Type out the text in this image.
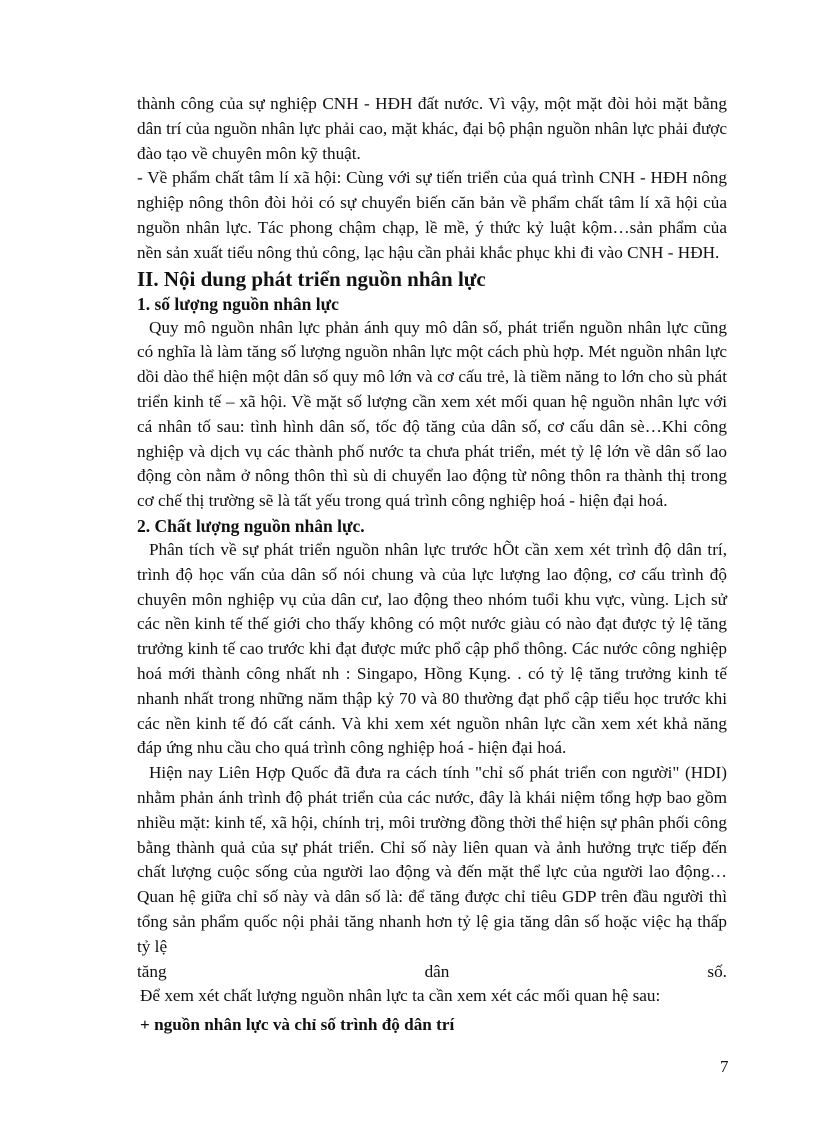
thành công của sự nghiệp CNH - HĐH đất nước. Vì vậy, một mặt đòi hỏi mặt bằng dân trí của nguồn nhân lực phải cao, mặt khác, đại bộ phận nguồn nhân lực phải được đào tạo về chuyên môn kỹ thuật.

- Về phẩm chất tâm lí xã hội: Cùng với sự tiến triển của quá trình CNH - HĐH nông nghiệp nông thôn đòi hỏi có sự chuyển biến căn bản về phẩm chất tâm lí xã hội của nguồn nhân lực. Tác phong chậm chạp, lề mề, ý thức kỷ luật kộm…sản phẩm của nền sản xuất tiểu nông thủ công, lạc hậu cần phải khắc phục khi đi vào CNH - HĐH.

II. Nội dung phát triển nguồn nhân lực
1. số lượng nguồn nhân lực

Quy mô nguồn nhân lực phản ánh quy mô dân số, phát triển nguồn nhân lực cũng có nghĩa là làm tăng số lượng nguồn nhân lực một cách phù hợp. Mét nguồn nhân lực dồi dào thể hiện một dân số quy mô lớn và cơ cấu trẻ, là tiềm năng to lớn cho sù phát triển kinh tế – xã hội. Về mặt số lượng cần xem xét mối quan hệ nguồn nhân lực với cá nhân tố sau: tình hình dân số, tốc độ tăng của dân số, cơ cấu dân sè…Khi công nghiệp và dịch vụ các thành phố nước ta chưa phát triển, mét tỷ lệ lớn về dân số lao động còn nằm ở nông thôn thì sù di chuyển lao động từ nông thôn ra thành thị trong cơ chế thị trường sẽ là tất yếu trong quá trình công nghiệp hoá - hiện đại hoá.

2. Chất lượng nguồn nhân lực.

Phân tích về sự phát triển nguồn nhân lực trước hÕt cần xem xét trình độ dân trí, trình độ học vấn của dân số nói chung và của lực lượng lao động, cơ cấu trình độ chuyên môn nghiệp vụ của dân cư, lao động theo nhóm tuổi khu vực, vùng. Lịch sử các nền kinh tế thế giới cho thấy không có một nước giàu có nào đạt được tỷ lệ tăng trưởng kinh tế cao trước khi đạt được mức phổ cập phổ thông. Các nước công nghiệp hoá mới thành công nhất nh : Singapo, Hồng Kụng. . có tỷ lệ tăng trưởng kinh tế nhanh nhất trong những năm thập kỷ 70 và 80 thường đạt phổ cập tiểu học trước khi các nền kinh tế đó cất cánh. Và khi xem xét nguồn nhân lực cần xem xét khả năng đáp ứng nhu cầu cho quá trình công nghiệp hoá - hiện đại hoá.

Hiện nay Liên Hợp Quốc đã đưa ra cách tính "chỉ số phát triển con người" (HDI) nhằm phản ánh trình độ phát triển của các nước, đây là khái niệm tổng hợp bao gồm nhiều mặt: kinh tế, xã hội, chính trị, môi trường đồng thời thể hiện sự phân phối công bằng thành quả của sự phát triển. Chỉ số này liên quan và ảnh hưởng trực tiếp đến chất lượng cuộc sống của người lao động và đến mặt thể lực của người lao động… Quan hệ giữa chỉ số này và dân số là: để tăng được chỉ tiêu GDP trên đầu người thì tổng sản phẩm quốc nội phải tăng nhanh hơn tỷ lệ gia tăng dân số hoặc việc hạ thấp tỷ lệ

tăng	dân	số.

Để xem xét chất lượng nguồn nhân lực ta cần xem xét các mối quan hệ sau:

+ nguồn nhân lực và chỉ số trình độ dân trí

7
